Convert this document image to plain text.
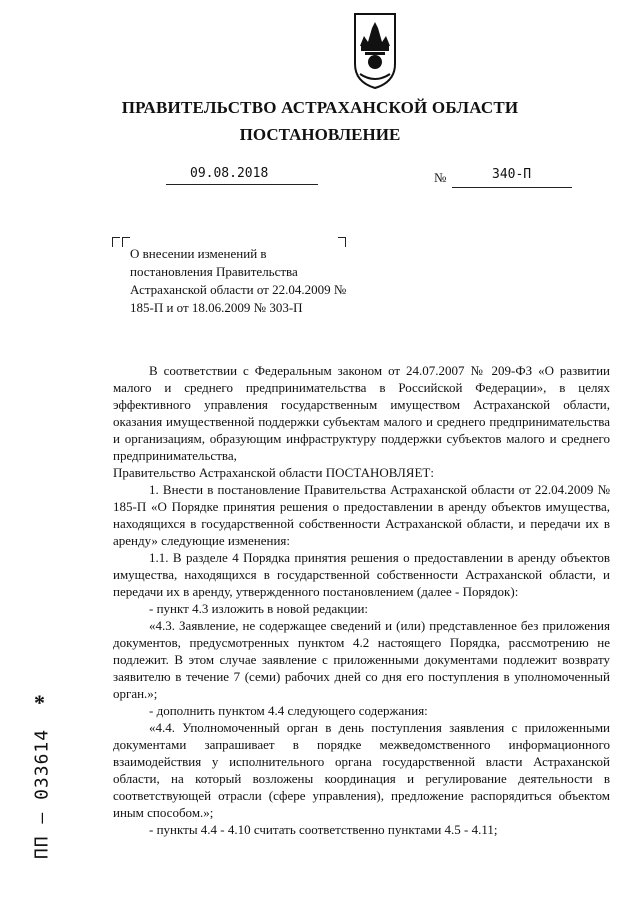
ПРАВИТЕЛЬСТВО АСТРАХАНСКОЙ ОБЛАСТИ
ПОСТАНОВЛЕНИЕ
09.08.2018	№	340-П
О внесении изменений в постановления Правительства Астраханской области от 22.04.2009 № 185-П и от 18.06.2009 № 303-П

В соответствии с Федеральным законом от 24.07.2007 № 209-ФЗ «О развитии малого и среднего предпринимательства в Российской Федерации», в целях эффективного управления государственным имуществом Астраханской области, оказания имущественной поддержки субъектам малого и среднего предпринимательства и организациям, образующим инфраструктуру поддержки субъектов малого и среднего предпринимательства,

Правительство Астраханской области ПОСТАНОВЛЯЕТ:

1. Внести в постановление Правительства Астраханской области от 22.04.2009 № 185-П «О Порядке принятия решения о предоставлении в аренду объектов имущества, находящихся в государственной собственности Астраханской области, и передачи их в аренду» следующие изменения:

1.1. В разделе 4 Порядка принятия решения о предоставлении в аренду объектов имущества, находящихся в государственной собственности Астраханской области, и передачи их в аренду, утвержденного постановлением (далее - Порядок):

- пункт 4.3 изложить в новой редакции:

«4.3. Заявление, не содержащее сведений и (или) представленное без приложения документов, предусмотренных пунктом 4.2 настоящего Порядка, рассмотрению не подлежит. В этом случае заявление с приложенными документами подлежит возврату заявителю в течение 7 (семи) рабочих дней со дня его поступления в уполномоченный орган.»;

- дополнить пунктом 4.4 следующего содержания:

«4.4. Уполномоченный орган в день поступления заявления с приложенными документами запрашивает в порядке межведомственного информационного взаимодействия у исполнительного органа государственной власти Астраханской области, на который возложены координация и регулирование деятельности в соответствующей отрасли (сфере управления), предложение распорядиться объектом иным способом.»;

- пункты 4.4 - 4.10 считать соответственно пунктами 4.5 - 4.11;

*
ПП – 033614
